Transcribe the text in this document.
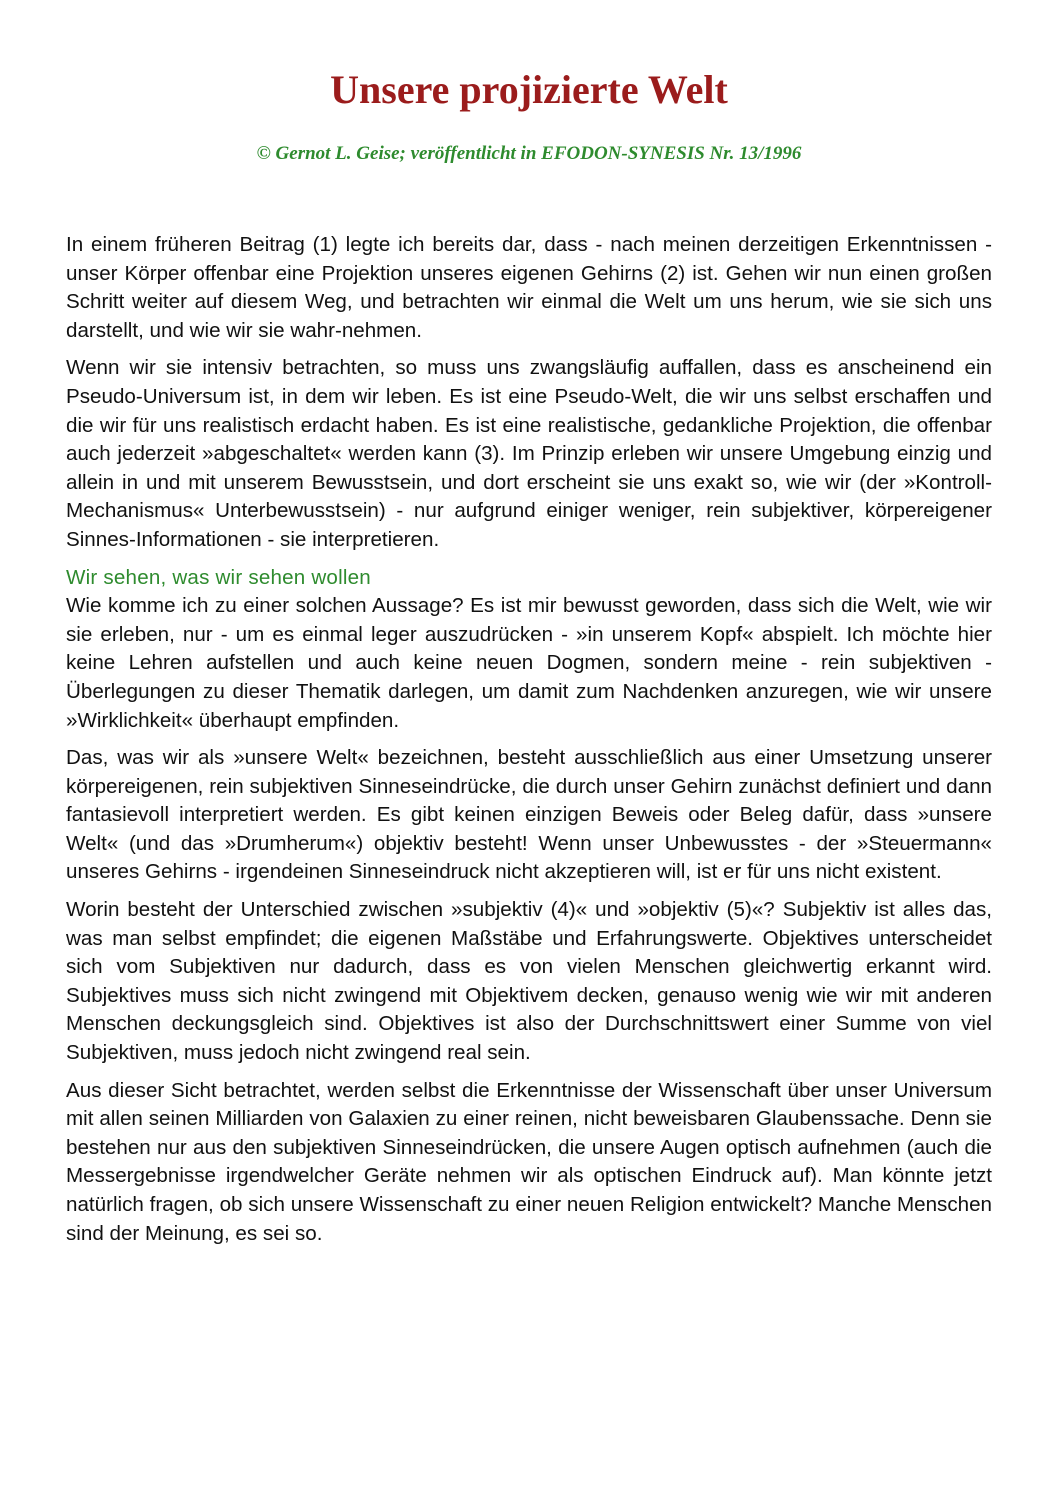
Unsere projizierte Welt
© Gernot L. Geise; veröffentlicht in EFODON-SYNESIS Nr. 13/1996

In einem früheren Beitrag (1) legte ich bereits dar, dass - nach meinen derzeitigen Erkenntnissen - unser Körper offenbar eine Projektion unseres eigenen Gehirns (2) ist. Gehen wir nun einen großen Schritt weiter auf diesem Weg, und betrachten wir einmal die Welt um uns herum, wie sie sich uns darstellt, und wie wir sie wahr-nehmen.

Wenn wir sie intensiv betrachten, so muss uns zwangsläufig auffallen, dass es anscheinend ein Pseudo-Universum ist, in dem wir leben. Es ist eine Pseudo-Welt, die wir uns selbst erschaffen und die wir für uns realistisch erdacht haben. Es ist eine realistische, gedankliche Projektion, die offenbar auch jederzeit »abgeschaltet« werden kann (3). Im Prinzip erleben wir unsere Umgebung einzig und allein in und mit unserem Bewusstsein, und dort erscheint sie uns exakt so, wie wir (der »Kontroll-Mechanismus« Unterbewusstsein) - nur aufgrund einiger weniger, rein subjektiver, körpereigener Sinnes-Informationen - sie interpretieren.

Wir sehen, was wir sehen wollen

Wie komme ich zu einer solchen Aussage? Es ist mir bewusst geworden, dass sich die Welt, wie wir sie erleben, nur - um es einmal leger auszudrücken - »in unserem Kopf« abspielt. Ich möchte hier keine Lehren aufstellen und auch keine neuen Dogmen, sondern meine - rein subjektiven - Überlegungen zu dieser Thematik darlegen, um damit zum Nachdenken anzuregen, wie wir unsere »Wirklichkeit« überhaupt empfinden.

Das, was wir als »unsere Welt« bezeichnen, besteht ausschließlich aus einer Umsetzung unserer körpereigenen, rein subjektiven Sinneseindrücke, die durch unser Gehirn zunächst definiert und dann fantasievoll interpretiert werden. Es gibt keinen einzigen Beweis oder Beleg dafür, dass »unsere Welt« (und das »Drumherum«) objektiv besteht! Wenn unser Unbewusstes - der »Steuermann« unseres Gehirns - irgendeinen Sinneseindruck nicht akzeptieren will, ist er für uns nicht existent.

Worin besteht der Unterschied zwischen »subjektiv (4)« und »objektiv (5)«? Subjektiv ist alles das, was man selbst empfindet; die eigenen Maßstäbe und Erfahrungswerte. Objektives unterscheidet sich vom Subjektiven nur dadurch, dass es von vielen Menschen gleichwertig erkannt wird. Subjektives muss sich nicht zwingend mit Objektivem decken, genauso wenig wie wir mit anderen Menschen deckungsgleich sind. Objektives ist also der Durchschnittswert einer Summe von viel Subjektiven, muss jedoch nicht zwingend real sein.

Aus dieser Sicht betrachtet, werden selbst die Erkenntnisse der Wissenschaft über unser Universum mit allen seinen Milliarden von Galaxien zu einer reinen, nicht beweisbaren Glaubenssache. Denn sie bestehen nur aus den subjektiven Sinneseindrücken, die unsere Augen optisch aufnehmen (auch die Messergebnisse irgendwelcher Geräte nehmen wir als optischen Eindruck auf). Man könnte jetzt natürlich fragen, ob sich unsere Wissenschaft zu einer neuen Religion entwickelt? Manche Menschen sind der Meinung, es sei so.
